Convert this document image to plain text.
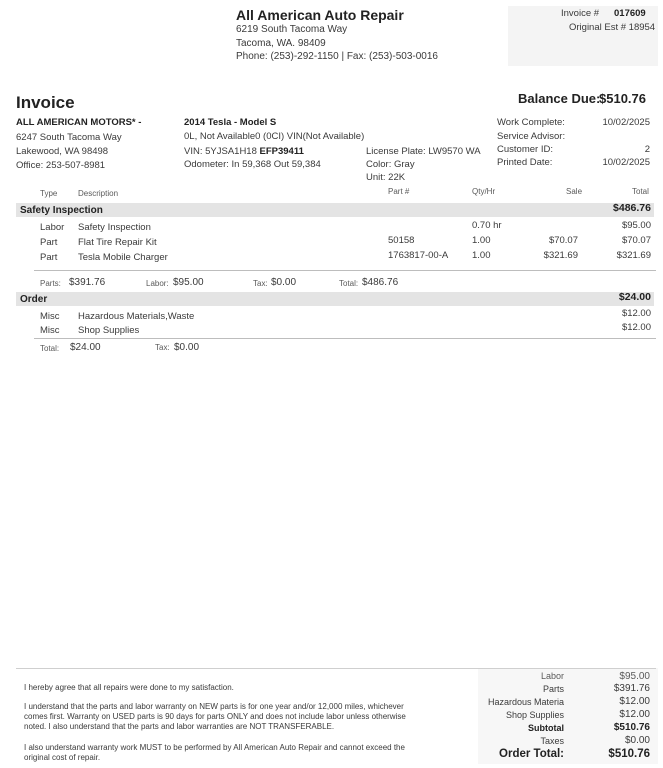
All American Auto Repair
6219 South Tacoma Way
Tacoma, WA. 98409
Phone: (253)-292-1150 | Fax: (253)-503-0016
Invoice # 017609
Original Est # 18954
Invoice	Balance Due:
$510.76
ALL AMERICAN MOTORS* -
6247 South Tacoma Way
Lakewood, WA 98498
Office: 253-507-8981
2014 Tesla - Model S
0L, Not Available0 (0CI) VIN(Not Available)
VIN: 5YJSA1H18 EFP39411
Odometer: In 59,368 Out 59,384
License Plate: LW9570 WA
Color: Gray
Unit: 22K
Work Complete:	10/02/2025
Service Advisor:
Customer ID:	2
Printed Date:	10/02/2025
Type	Description	Part #	Qty/Hr	Sale	Total
Safety Inspection	$486.76
Labor Safety Inspection	0.70 hr	$95.00
Part Flat Tire Repair Kit	50158	1.00	$70.07	$70.07
Part Tesla Mobile Charger	1763817-00-A	1.00	$321.69	$321.69
Parts: $391.76	Labor: $95.00	Tax: $0.00	Total: $486.76
Order	$24.00
Misc Hazardous Materials,Waste	$12.00
Misc Shop Supplies	$12.00
Total: $24.00	Tax: $0.00
I hereby agree that all repairs were done to my satisfaction.
I understand that the parts and labor warranty on NEW parts is for one year and/or 12,000 miles, whichever
comes first. Warranty on USED parts is 90 days for parts ONLY and does not include labor unless otherwise
noted. I also understand that the parts and labor warranties are NOT TRANSFERABLE.
I also understand warranty work MUST to be performed by All American Auto Repair and cannot exceed the
original cost of repair.
Labor	$95.00
Parts	$391.76
Hazardous Materia	$12.00
Shop Supplies	$12.00
Subtotal	$510.76
Taxes	$0.00
Order Total:	$510.76
